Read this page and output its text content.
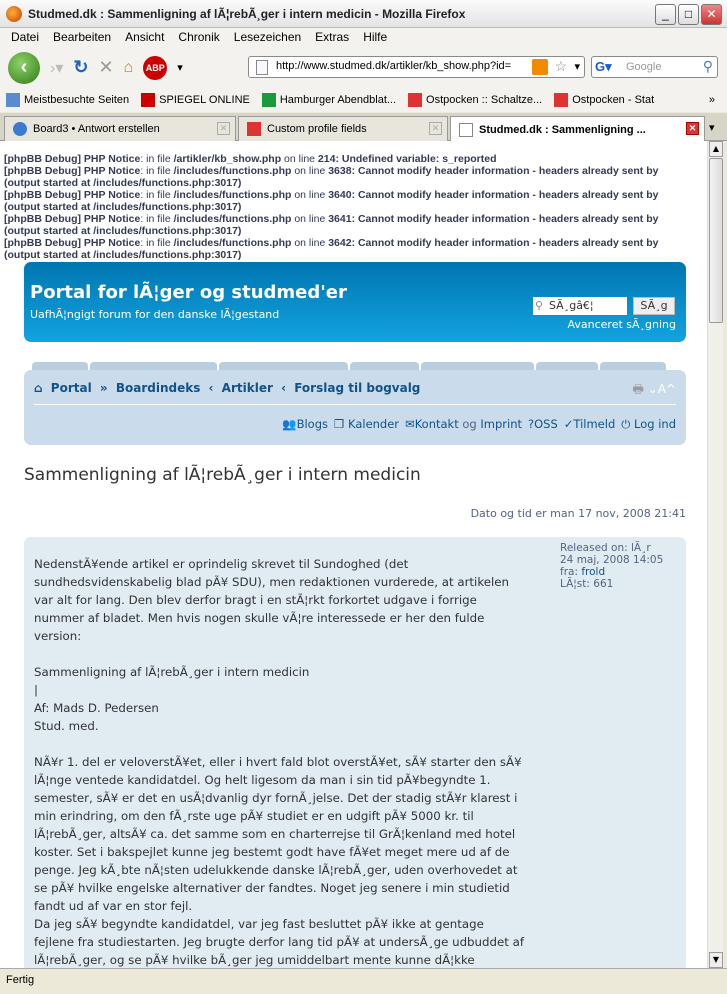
Studmed.dk : Sammenligning af lÃ¦rebÃ¸ger i intern medicin - Mozilla Firefox	_	□	✕
Datei	Bearbeiten	Ansicht	Chronik	Lesezeichen	Extras	Hilfe
‹	›▾ ↻ ✕ ⌂ ABP ▾	http://www.studmed.dk/artikler/kb_show.php?id=	☆ ▾ G▾ Google	⚲
Meistbesuchte Seiten	SPIEGEL ONLINE	Hamburger Abendblat...	Ostpocken :: Schaltze...	Ostpocken - Stat	»
Board3 • Antwort erstellen	✕	Custom profile fields	✕	Studmed.dk : Sammenligning ...	✕ ▾
[phpBB Debug] PHP Notice: in file /artikler/kb_show.php on line 214: Undefined variable: s_reported
[phpBB Debug] PHP Notice: in file /includes/functions.php on line 3638: Cannot modify header information - headers already sent by (output started at /includes/functions.php:3017)
[phpBB Debug] PHP Notice: in file /includes/functions.php on line 3640: Cannot modify header information - headers already sent by (output started at /includes/functions.php:3017)
[phpBB Debug] PHP Notice: in file /includes/functions.php on line 3641: Cannot modify header information - headers already sent by (output started at /includes/functions.php:3017)
[phpBB Debug] PHP Notice: in file /includes/functions.php on line 3642: Cannot modify header information - headers already sent by (output started at /includes/functions.php:3017)
Portal for lÃ¦ger og studmed'er
UafhÃ¦ngigt forum for den danske lÃ¦gestand
⚲ SÃ¸gâ€¦	SÃ¸g
Avanceret sÃ¸gning
⌂ Portal » Boardindeks ‹ Artikler ‹ Forslag til bogvalg	🖶 ⌄A^
👥Blogs ❐ Kalender ✉Kontakt og Imprint ?OSS ✓Tilmeld ⏻ Log ind
Sammenligning af lÃ¦rebÃ¸ger i intern medicin
Dato og tid er man 17 nov, 2008 21:41
Released on: lÃ¸r
24 maj, 2008 14:05
fra: frold
LÃ¦st: 661

NedenstÃ¥ende artikel er oprindelig skrevet til Sundoghed (det sundhedsvidenskabelig blad pÃ¥ SDU), men redaktionen vurderede, at artikelen var alt for lang. Den blev derfor bragt i en stÃ¦rkt forkortet udgave i forrige nummer af bladet. Men hvis nogen skulle vÃ¦re interessede er her den fulde version:

Sammenligning af lÃ¦rebÃ¸ger i intern medicin

|

Af: Mads D. Pedersen
Stud. med.

NÃ¥r 1. del er veloverstÃ¥et, eller i hvert fald blot overstÃ¥et, sÃ¥ starter den sÃ¥ lÃ¦nge ventede kandidatdel. Og helt ligesom da man i sin tid pÃ¥begyndte 1. semester, sÃ¥ er det en usÃ¦dvanlig dyr fornÃ¸jelse. Det der stadig stÃ¥r klarest i min erindring, om den fÃ¸rste uge pÃ¥ studiet er en udgift pÃ¥ 5000 kr. til lÃ¦rebÃ¸ger, altsÃ¥ ca. det samme som en charterrejse til GrÃ¦kenland med hotel koster. Set i bakspejlet kunne jeg bestemt godt have fÃ¥et meget mere ud af de penge. Jeg kÃ¸bte nÃ¦sten udelukkende danske lÃ¦rebÃ¸ger, uden overhovedet at se pÃ¥ hvilke engelske alternativer der fandtes. Noget jeg senere i min studietid fandt ud af var en stor fejl.

Da jeg sÃ¥ begyndte kandidatdel, var jeg fast besluttet pÃ¥ ikke at gentage fejlene fra studiestarten. Jeg brugte derfor lang tid pÃ¥ at undersÃ¸ge udbuddet af lÃ¦rebÃ¸ger, og se pÃ¥ hvilke bÃ¸ger jeg umiddelbart mente kunne dÃ¦kke

▲
▼
Fertig
